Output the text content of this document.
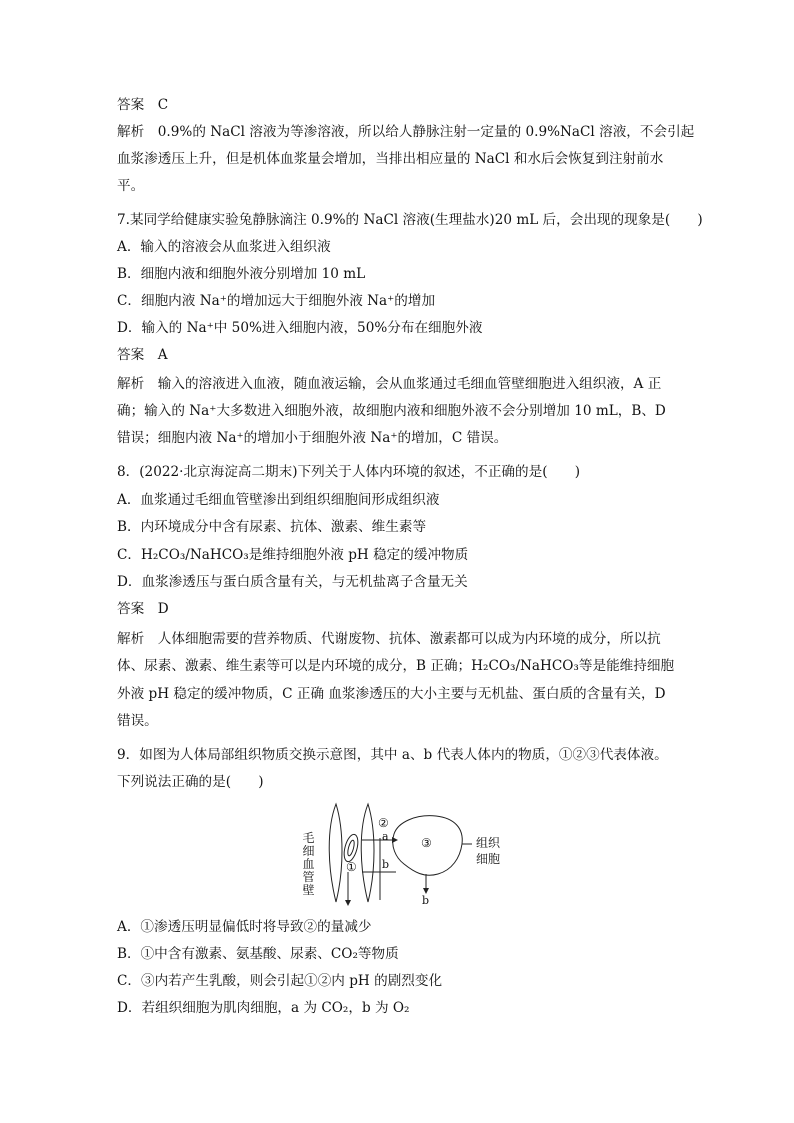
答案　C
解析　0.9%的 NaCl 溶液为等渗溶液，所以给人静脉注射一定量的 0.9%NaCl 溶液，不会引起
血浆渗透压上升，但是机体血浆量会增加，当排出相应量的 NaCl 和水后会恢复到注射前水
平。
7.某同学给健康实验兔静脉滴注 0.9%的 NaCl 溶液(生理盐水)20 mL 后，会出现的现象是(　　)
A．输入的溶液会从血浆进入组织液
B．细胞内液和细胞外液分别增加 10 mL
C．细胞内液 Na⁺的增加远大于细胞外液 Na⁺的增加
D．输入的 Na⁺中 50%进入细胞内液，50%分布在细胞外液
答案　A
解析　输入的溶液进入血液，随血液运输，会从血浆通过毛细血管壁细胞进入组织液，A 正
确；输入的 Na⁺大多数进入细胞外液，故细胞内液和细胞外液不会分别增加 10 mL，B、D
错误；细胞内液 Na⁺的增加小于细胞外液 Na⁺的增加，C 错误。
8．(2022·北京海淀高二期末)下列关于人体内环境的叙述，不正确的是(　　)
A．血浆通过毛细血管壁渗出到组织细胞间形成组织液
B．内环境成分中含有尿素、抗体、激素、维生素等
C．H₂CO₃/NaHCO₃是维持细胞外液 pH 稳定的缓冲物质
D．血浆渗透压与蛋白质含量有关，与无机盐离子含量无关
答案　D
解析　人体细胞需要的营养物质、代谢废物、抗体、激素都可以成为内环境的成分，所以抗
体、尿素、激素、维生素等可以是内环境的成分，B 正确；H₂CO₃/NaHCO₃等是能维持细胞
外液 pH 稳定的缓冲物质，C 正确 血浆渗透压的大小主要与无机盐、蛋白质的含量有关，D
错误。
9．如图为人体局部组织物质交换示意图，其中 a、b 代表人体内的物质，①②③代表体液。
下列说法正确的是(　　)
毛
细
血
管
壁
①
②
a
b
③
b
组织
细胞
A．①渗透压明显偏低时将导致②的量减少
B．①中含有激素、氨基酸、尿素、CO₂等物质
C．③内若产生乳酸，则会引起①②内 pH 的剧烈变化
D．若组织细胞为肌肉细胞，a 为 CO₂，b 为 O₂
